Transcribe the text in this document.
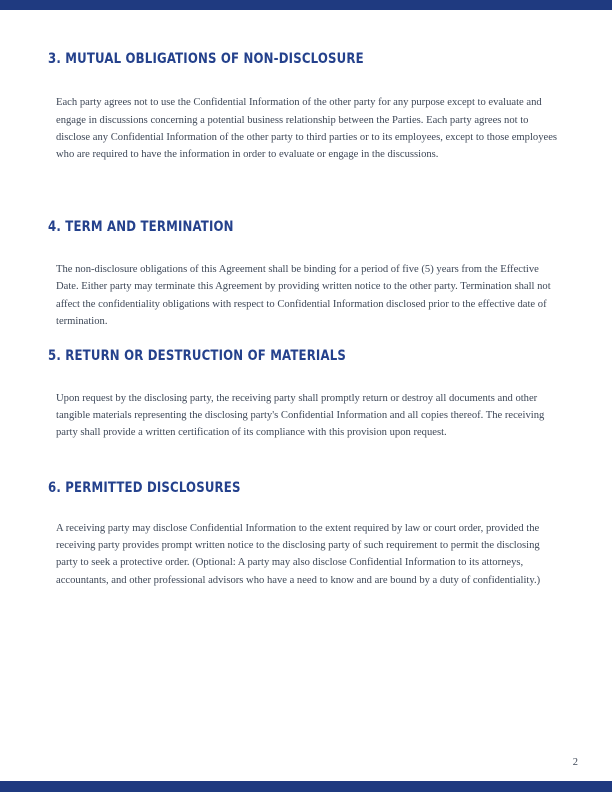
3. MUTUAL OBLIGATIONS OF NON-DISCLOSURE

Each party agrees not to use the Confidential Information of the other party for any purpose except to evaluate and engage in discussions concerning a potential business relationship between the Parties. Each party agrees not to disclose any Confidential Information of the other party to third parties or to its employees, except to those employees who are required to have the information in order to evaluate or engage in the discussions.

4. TERM AND TERMINATION

The non-disclosure obligations of this Agreement shall be binding for a period of five (5) years from the Effective Date. Either party may terminate this Agreement by providing written notice to the other party. Termination shall not affect the confidentiality obligations with respect to Confidential Information disclosed prior to the effective date of termination.

5. RETURN OR DESTRUCTION OF MATERIALS

Upon request by the disclosing party, the receiving party shall promptly return or destroy all documents and other tangible materials representing the disclosing party's Confidential Information and all copies thereof. The receiving party shall provide a written certification of its compliance with this provision upon request.

6. PERMITTED DISCLOSURES

A receiving party may disclose Confidential Information to the extent required by law or court order, provided the receiving party provides prompt written notice to the disclosing party of such requirement to permit the disclosing party to seek a protective order. (Optional: A party may also disclose Confidential Information to its attorneys, accountants, and other professional advisors who have a need to know and are bound by a duty of confidentiality.)

2
